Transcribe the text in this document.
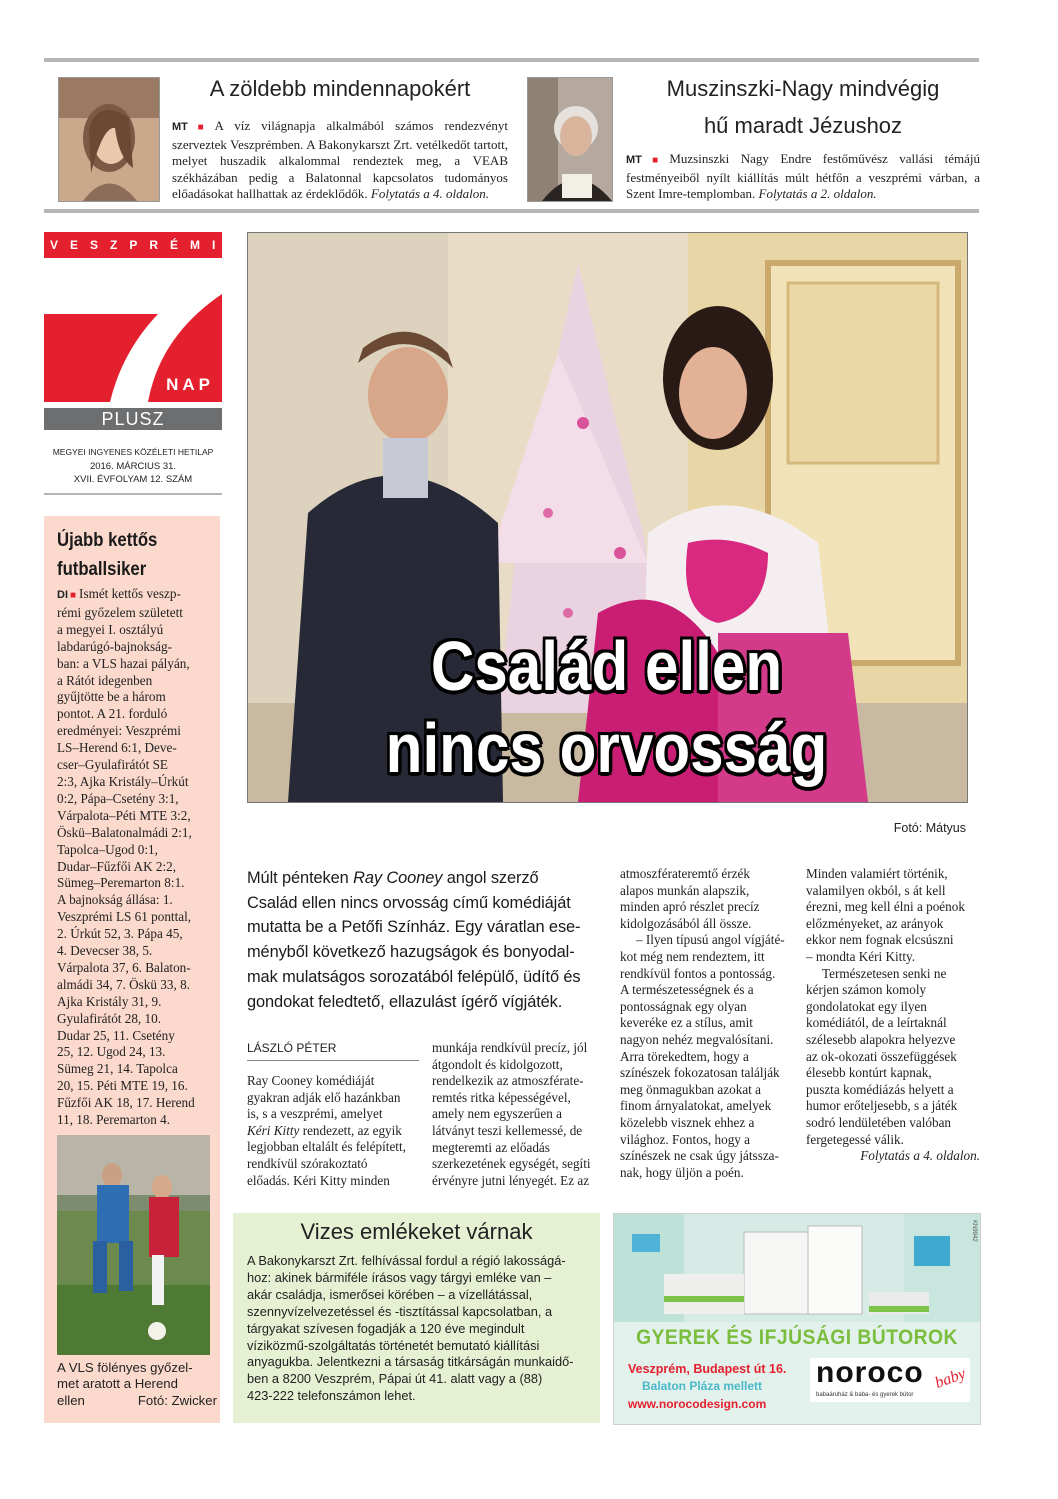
A zöldebb mindennapokért
MT ■ A víz világnapja alkalmából számos rendezvényt szerveztek Veszprémben. A Bakonykarszt Zrt. vetélkedőt tartott, melyet huszadik alkalommal rendeztek meg, a VEAB székházában pedig a Balatonnal kapcsolatos tudományos előadásokat hallhattak az érdeklődők. Folytatás a 4. oldalon.
Muszinszki-Nagy mindvégig
hű maradt Jézushoz
MT ■ Muzsinszki Nagy Endre festőművész vallási témájú festményeiből nyílt kiállítás múlt hétfőn a veszprémi várban, a Szent Imre-templomban. Folytatás a 2. oldalon.
VESZPRÉMI
NAP
PLUSZ
MEGYEI INGYENES KÖZÉLETI HETILAP
2016. MÁRCIUS 31.
XVII. ÉVFOLYAM 12. SZÁM
Újabb kettős
futballsiker
DI ■ Ismét kettős veszp-
rémi győzelem született
a megyei I. osztályú
labdarúgó-bajnokság-
ban: a VLS hazai pályán,
a Rátót idegenben
gyűjtötte be a három
pontot. A 21. forduló
eredményei: Veszprémi
LS–Herend 6:1, Deve-
cser–Gyulafirátót SE
2:3, Ajka Kristály–Úrkút
0:2, Pápa–Csetény 3:1,
Várpalota–Péti MTE 3:2,
Öskü–Balatonalmádi 2:1,
Tapolca–Ugod 0:1,
Dudar–Fűzfői AK 2:2,
Sümeg–Peremarton 8:1.
A bajnokság állása: 1.
Veszprémi LS 61 ponttal,
2. Úrkút 52, 3. Pápa 45,
4. Devecser 38, 5.
Várpalota 37, 6. Balaton-
almádi 34, 7. Öskü 33, 8.
Ajka Kristály 31, 9.
Gyulafirátót 28, 10.
Dudar 25, 11. Csetény
25, 12. Ugod 24, 13.
Sümeg 21, 14. Tapolca
20, 15. Péti MTE 19, 16.
Fűzfői AK 18, 17. Herend
11, 18. Peremarton 4.
A VLS fölényes győzel-
met aratott a Herend
ellen	Fotó: Zwicker
Család ellen
nincs orvosság
Fotó: Mátyus
Múlt pénteken Ray Cooney angol szerző
Család ellen nincs orvosság című komédiáját
mutatta be a Petőfi Színház. Egy váratlan ese-
ményből következő hazugságok és bonyodal-
mak mulatságos sorozatából felépülő, üdítő és
gondokat feledtető, ellazulást ígérő vígjáték.
LÁSZLÓ PÉTER
Ray Cooney komédiáját
gyakran adják elő hazánkban
is, s a veszprémi, amelyet
Kéri Kitty rendezett, az egyik
legjobban eltalált és felépített,
rendkívül szórakoztató
előadás. Kéri Kitty minden
munkája rendkívül precíz, jól
átgondolt és kidolgozott,
rendelkezik az atmoszférate-
remtés ritka képességével,
amely nem egyszerűen a
látványt teszi kellemessé, de
megteremti az előadás
szerkezetének egységét, segíti
érvényre jutni lényegét. Ez az
atmoszférateremtő érzék
alapos munkán alapszik,
minden apró részlet precíz
kidolgozásából áll össze.
– Ilyen típusú angol vígjáté-
kot még nem rendeztem, itt
rendkívül fontos a pontosság.
A természetességnek és a
pontosságnak egy olyan
keveréke ez a stílus, amit
nagyon nehéz megvalósítani.
Arra törekedtem, hogy a
színészek fokozatosan találják
meg önmagukban azokat a
finom árnyalatokat, amelyek
közelebb visznek ehhez a
világhoz. Fontos, hogy a
színészek ne csak úgy játssza-
nak, hogy üljön a poén.
Minden valamiért történik,
valamilyen okból, s át kell
érezni, meg kell élni a poénok
előzményeket, az arányok
ekkor nem fognak elcsúszni
– mondta Kéri Kitty.
Természetesen senki ne
kérjen számon komoly
gondolatokat egy ilyen
komédiától, de a leírtaknál
szélesebb alapokra helyezve
az ok-okozati összefüggések
élesebb kontúrt kapnak,
puszta komédiázás helyett a
humor erőteljesebb, s a játék
sodró lendületében valóban
fergetegessé válik.
Folytatás a 4. oldalon.
Vizes emlékeket várnak
A Bakonykarszt Zrt. felhívással fordul a régió lakosságá-
hoz: akinek bármiféle írásos vagy tárgyi emléke van –
akár családja, ismerősei körében – a vízellátással,
szennyvízelvezetéssel és -tisztítással kapcsolatban, a
tárgyakat szívesen fogadják a 120 éve megindult
víziközmű-szolgáltatás történetét bemutató kiállítási
anyagukba. Jelentkezni a társaság titkárságán munkaidő-
ben a 8200 Veszprém, Pápai út 41. alatt vagy a (88)
423-222 telefonszámon lehet.
KN9942
GYEREK ÉS IFJÚSÁGI BÚTOROK
Veszprém, Budapest út 16.
Balaton Pláza mellett
www.norocodesign.com
noroco baby
babaáruház & baba- és gyerek bútor
